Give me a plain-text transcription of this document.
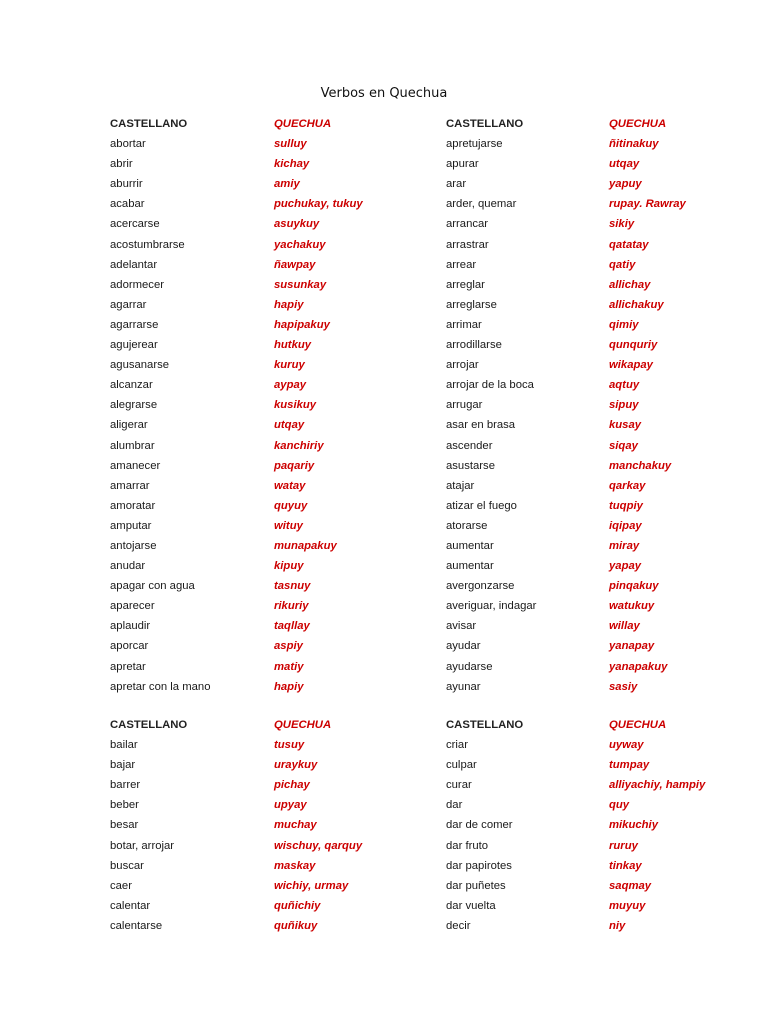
Verbos en Quechua
CASTELLANO	QUECHUA	CASTELLANO	QUECHUA
abortar	sulluy	apretujarse	ñitinakuy
abrir	kichay	apurar	utqay
aburrir	amiy	arar	yapuy
acabar	puchukay, tukuy	arder, quemar	rupay. Rawray
acercarse	asuykuy	arrancar	sikiy
acostumbrarse	yachakuy	arrastrar	qatatay
adelantar	ñawpay	arrear	qatiy
adormecer	susunkay	arreglar	allichay
agarrar	hapiy	arreglarse	allichakuy
agarrarse	hapipakuy	arrimar	qimiy
agujerear	hutkuy	arrodillarse	qunquriy
agusanarse	kuruy	arrojar	wikapay
alcanzar	aypay	arrojar de la boca	aqtuy
alegrarse	kusikuy	arrugar	sipuy
aligerar	utqay	asar en brasa	kusay
alumbrar	kanchiriy	ascender	siqay
amanecer	paqariy	asustarse	manchakuy
amarrar	watay	atajar	qarkay
amoratar	quyuy	atizar el fuego	tuqpiy
amputar	wituy	atorarse	iqipay
antojarse	munapakuy	aumentar	miray
anudar	kipuy	aumentar	yapay
apagar con agua	tasnuy	avergonzarse	pinqakuy
aparecer	rikuriy	averiguar, indagar	watukuy
aplaudir	taqllay	avisar	willay
aporcar	aspiy	ayudar	yanapay
apretar	matiy	ayudarse	yanapakuy
apretar con la mano	hapiy	ayunar	sasiy
CASTELLANO	QUECHUA	CASTELLANO	QUECHUA
bailar	tusuy	criar	uyway
bajar	uraykuy	culpar	tumpay
barrer	pichay	curar	alliyachiy, hampiy
beber	upyay	dar	quy
besar	muchay	dar de comer	mikuchiy
botar, arrojar	wischuy, qarquy	dar fruto	ruruy
buscar	maskay	dar papirotes	tinkay
caer	wichiy, urmay	dar puñetes	saqmay
calentar	quñichiy	dar vuelta	muyuy
calentarse	quñikuy	decir	niy
